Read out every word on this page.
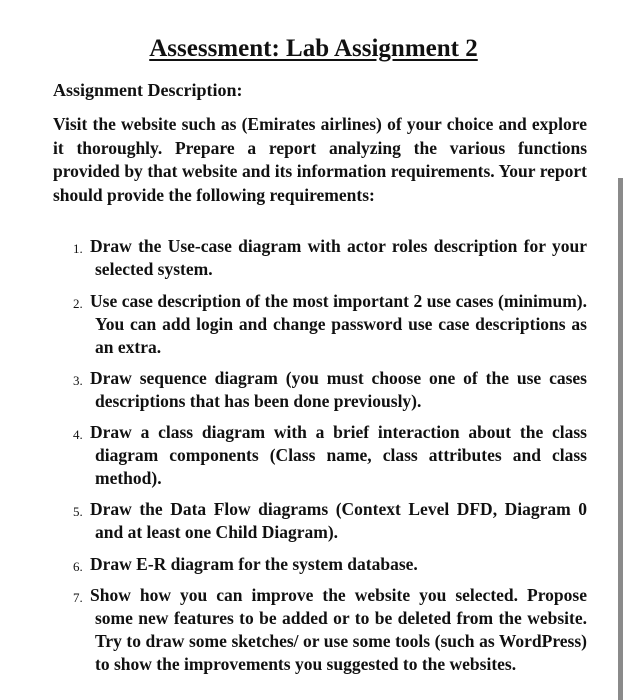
Assessment: Lab Assignment 2
Assignment Description:

Visit the website such as (Emirates airlines) of your choice and explore it thoroughly. Prepare a report analyzing the various functions provided by that website and its information requirements. Your report should provide the following requirements:

1. Draw the Use-case diagram with actor roles description for your selected system.
2. Use case description of the most important 2 use cases (minimum). You can add login and change password use case descriptions as an extra.
3. Draw sequence diagram (you must choose one of the use cases descriptions that has been done previously).
4. Draw a class diagram with a brief interaction about the class diagram components (Class name, class attributes and class method).
5. Draw the Data Flow diagrams (Context Level DFD, Diagram 0 and at least one Child Diagram).
6. Draw E-R diagram for the system database.
7. Show how you can improve the website you selected. Propose some new features to be added or to be deleted from the website. Try to draw some sketches/ or use some tools (such as WordPress) to show the improvements you suggested to the websites.
